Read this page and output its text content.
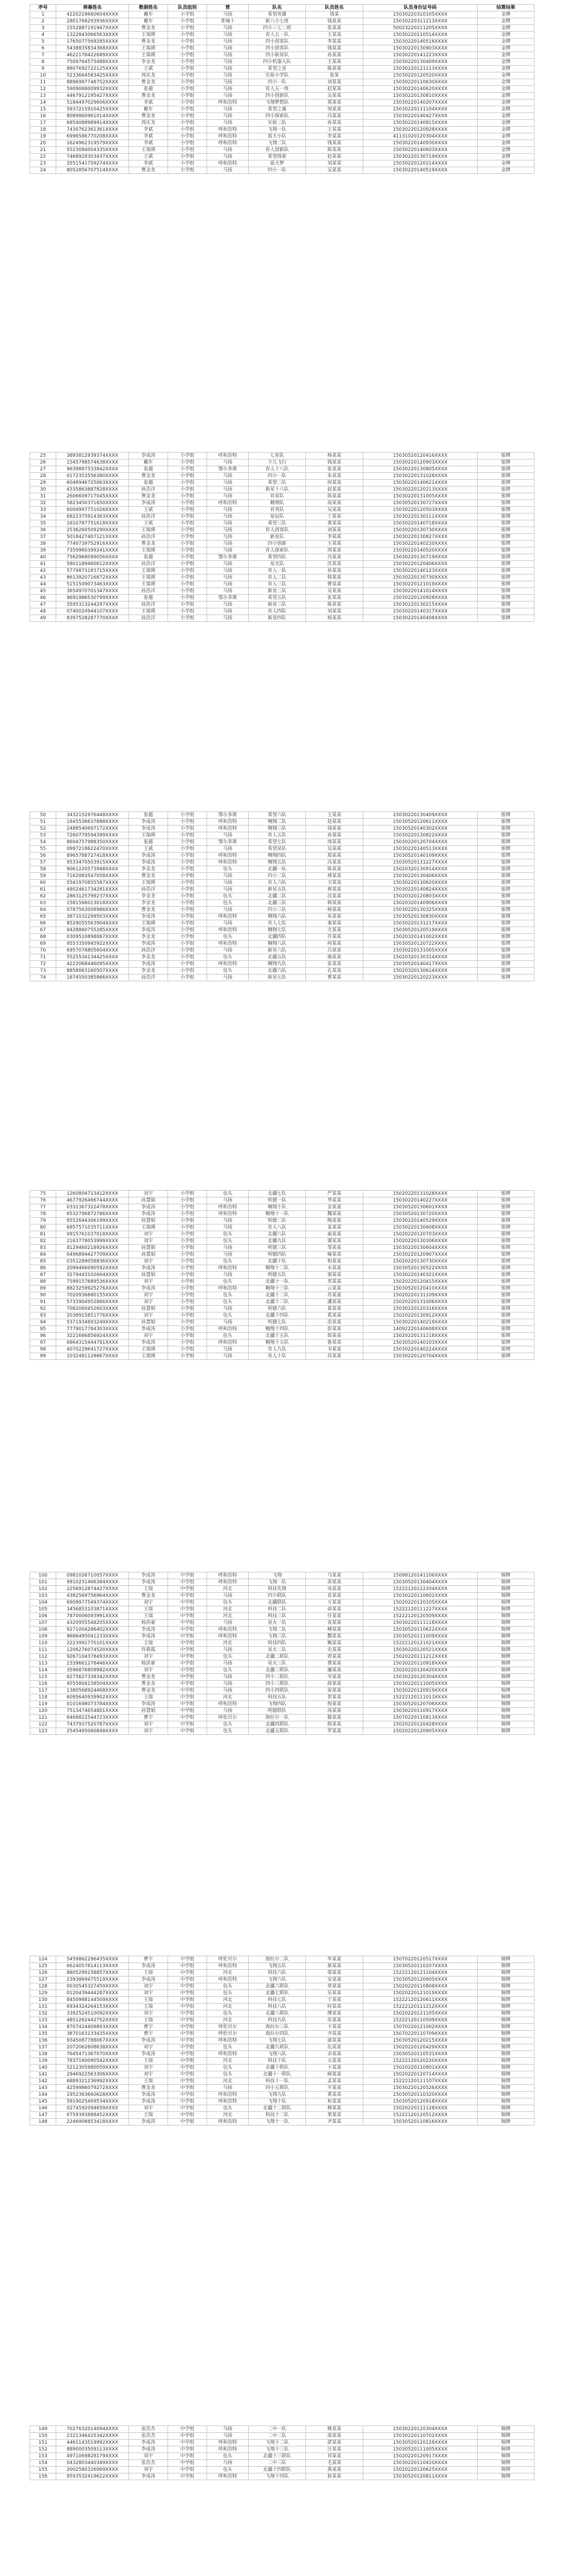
序号	弹幕姓名	数据姓名	队员组别	营	队名	队员姓名	队员身份证号码	结算结果
1	4220219660604XXXX	戴年	小学组	马扬	希望英雄	钱某	15030220310105XXXX	金牌
2	2801768293936XXXX	戴年	小学组	菁城十	新八小七班	钱某某	15030220311213XXXX	金牌
3	1552887191947XXXX	曹金龙	小学组	马扬	四小三七二班	张某某	50023220211205XXXX	金牌
4	1322843066563XXXX	王瑞瑛	小学组	马扬	育人五一队	王某某	15030220110514XXXX	金牌
5	1765077569285XXXX	曹金龙	小学组	马扬	四小创客队	李某某	15030220140516XXXX	金牌
6	5438835834368XXXX	王瑞瑛	小学组	马扬	四小创客队	钱某某	15030220130903XXXX	金牌
7	4622178422689XXXX	王瑞瑛	小学组	马扬	四小新星队	孙某某	15030220141223XXXX	金牌
8	7509764575488XXXX	李金龙	小学组	马扬	四小机器人队	王某某	15030220130409XXXX	金牌
9	8807692722125XXXX	王斌	小学组	马扬	希望之星	陈某某	15030220121113XXXX	金牌
10	5233664583425XXXX	周庆龙	小学组	马扬	实验小学队	张某	15030220120520XXXX	金牌
11	8896997748752XXXX	曹金龙	小学组	马扬	四小一队	刘某某	15030220110630XXXX	金牌
12	5909068009932XXXX	张越	小学组	马扬	育人五一班	赵某某	15030220140620XXXX	金牌
13	4467912195427XXXX	曹金龙	小学组	马扬	四小创新队	吴某某	15030220130810XXXX	金牌
14	5184497029606XXXX	李斌	小学组	呼和浩特	飞翔梦想队	郑某某	15030220140207XXXX	金牌
15	5937215910425XXXX	戴年	小学组	马扬	希望之翼	周某某	15030220111104XXXX	金牌
16	8089860961014XXXX	曹金龙	小学组	马扬	四小探索队	冯某某	15030220140427XXXX	金牌
17	6854088989914XXXX	周庆龙	小学组	马扬	实验二队	孙某某	15030220140815XXXX	金牌
18	7430762361361XXXX	李斌	小学组	呼和浩特	飞翔一队	王某某	15030220120928XXXX	金牌
19	6996586770208XXXX	李斌	小学组	呼和浩特	蓝天小队	李某某	41131020120304XXXX	金牌
20	1624962319579XXXX	李斌	小学组	呼和浩特	飞翔二队	钱某某	15030220140930XXXX	金牌
21	5523084004335XXXX	王瑞瑛	小学组	马扬	育人创新队	陈某某	15030220140603XXXX	金牌
22	7468929303437XXXX	王斌	小学组	马扬	希望探索	赵某某	15030220130719XXXX	金牌
23	3551541759274XXXX	李斌	小学组	呼和浩特	蓝天梦	刘某某	15030220120214XXXX	金牌
24	8052856707514XXXX	曹金龙	小学组	马扬	四小一队	吴某某	15030220140519XXXX	金牌
25	3893812939374XXXX	李成涛	小学组	呼和浩特	七星队	杨某某	15030520120416XXXX	银牌
26	1545798574638XXXX	戴年	小学组	马扬	少儿飞行	钱某某	15030220120903XXXX	银牌
27	9639887533842XXXX	张越	小学组	鄂尔多斯	育人十八队	张某某	15030220130805XXXX	银牌
28	0172353556380XXXX	曹金龙	小学组	马扬	四小一队	朱某某	15030220131028XXXX	银牌
29	6048946725063XXXX	张越	小学组	马扬	希望二队	何某某	15030220140621XXXX	银牌
30	4335863887828XXXX	孙浩洋	小学组	马扬	新星十八队	赵某某	15030220120213XXXX	银牌
31	2606609717045XXXX	曹金龙	小学组	马扬	育星队	陈某某	15030220131005XXXX	银牌
32	5823450371650XXXX	李成涛	小学组	呼和浩特	翱翔队	高某某	15030520130727XXXX	银牌
33	6004997751026XXXX	王斌	小学组	马扬	育英队	吴某某	15030220120503XXXX	银牌
34	6822375914363XXXX	孙浩洋	小学组	马扬	星辰队	丁某某	15030220130111XXXX	银牌
35	1610787751618XXXX	王斌	小学组	马扬	希望三队	黄某某	15030220140718XXXX	银牌
36	2536260509290XXXX	王瑞瑛	小学组	马扬	育人创客队	刘某某	15030220130730XXXX	银牌
37	5018427407121XXXX	孙浩洋	小学组	马扬	新星队	李某某	15030220130827XXXX	银牌
38	7740739752916XXXX	曹金龙	小学组	马扬	四小创新	王某某	15030220140220XXXX	银牌
39	7359960399241XXXX	王瑞瑛	小学组	马扬	育人探索队	周某某	15030220140520XXXX	银牌
40	7562968099056XXXX	张越	小学组	鄂尔多斯	希望四队	冯某某	15030220130719XXXX	银牌
41	5801189460612XXXX	孙浩洋	小学组	马扬	星光队	沈某某	15030220120406XXXX	银牌
42	5779873183715XXXX	王瑞瑛	小学组	马扬	育人一队	孙某某	15030220140123XXXX	银牌
43	8613920716872XXXX	王瑞瑛	小学组	马扬	育人二队	韩某某	15030220130730XXXX	银牌
44	5151509073463XXXX	王瑞瑛	小学组	马扬	育人三队	曹某某	15030220121019XXXX	银牌
45	3654970701347XXXX	孙浩洋	小学组	马扬	新星二队	吴某某	15030220141014XXXX	银牌
46	9691986530799XXXX	张越	小学组	鄂尔多斯	希望五队	张某某	15030220120928XXXX	银牌
47	3595313244297XXXX	孙浩洋	小学组	马扬	新星三队	陈某某	15030220130215XXXX	银牌
48	0740024944107XXXX	王瑞瑛	小学组	马扬	育人四队	刘某某	15030220140317XXXX	银牌
49	8397528287770XXXX	孙浩洋	小学组	马扬	新星四队	杨某某	15030220140408XXXX	银牌
50	3432152976448XXXX	张越	小学组	鄂尔多斯	希望六队	王某某	15030220130409XXXX	银牌
51	1845536637888XXXX	李成涛	小学组	呼和浩特	翱翔二队	赵某某	15030520120611XXXX	银牌
52	2488540697172XXXX	李成涛	小学组	呼和浩特	翱翔三队	钱某某	15030520140302XXXX	银牌
53	7260779594399XXXX	王瑞瑛	小学组	马扬	育人五队	孙某某	15030220130822XXXX	银牌
54	8604757988350XXXX	张越	小学组	鄂尔多斯	希望七队	周某某	15030220120704XXXX	银牌
55	0997218622470XXXX	王斌	小学组	马扬	希望星队	吴某某	15030220140513XXXX	银牌
56	8965788727418XXXX	李成涛	小学组	呼和浩特	翱翔四队	郑某某	15030520140109XXXX	银牌
57	9533470503915XXXX	李成涛	小学组	呼和浩特	翱翔五队	冯某某	15030520131227XXXX	银牌
58	9061220573948XXXX	李金龙	小学组	包头	北疆一队	陈某某	15020320130914XXXX	银牌
59	7162083547058XXXX	曹金龙	小学组	马扬	四小二队	褚某某	15030220130406XXXX	银牌
60	5541970855587XXXX	王瑞瑛	小学组	马扬	育人六队	卫某某	15030220130620XXXX	银牌
61	4902461734281XXXX	孙浩洋	小学组	马扬	新星五队	蒋某某	15030220140824XXXX	银牌
62	2863125799237XXXX	李金龙	小学组	包头	北疆二队	沈某某	15020320120803XXXX	银牌
63	1581566013018XXXX	李金龙	小学组	包头	北疆三队	韩某某	15020320140906XXXX	银牌
64	0787563008986XXXX	曹金龙	小学组	马扬	四小三队	杨某某	15030220130325XXXX	银牌
65	3871032299503XXXX	李成涛	小学组	呼和浩特	翱翔六队	朱某某	15030520130830XXXX	银牌
66	8529055563904XXXX	王瑞瑛	小学组	马扬	育人七队	秦某某	15030220131217XXXX	银牌
67	9428860755285XXXX	李成涛	小学组	呼和浩特	翱翔七队	尤某某	15030520120519XXXX	银牌
68	0309510898067XXXX	李金龙	小学组	包头	北疆四队	许某某	15020320141002XXXX	银牌
69	9553350945922XXXX	李成涛	小学组	呼和浩特	翱翔八队	何某某	15030520120722XXXX	银牌
70	6957078805604XXXX	孙浩洋	小学组	马扬	新星六队	吕某某	15030220131005XXXX	银牌
71	5525534134425XXXX	李金龙	小学组	包头	北疆五队	施某某	15020320130314XXXX	银牌
72	4222068446095XXXX	李成涛	小学组	呼和浩特	翱翔九队	张某某	15030520140417XXXX	银牌
73	8858063160507XXXX	李金龙	小学组	包头	北疆六队	孔某某	15020320130614XXXX	银牌
74	1874550385866XXXX	孙浩洋	小学组	马扬	新星七队	曹某某	15030220120223XXXX	银牌
75	1260804713412XXXX	刘宇	小学组	包头	北疆七队	严某某	15020220131028XXXX	银牌
76	4677926466744XXXX	孙慧娟	小学组	马扬	明德一队	华某某	15030220140227XXXX	银牌
77	0331367322478XXXX	李成涛	小学组	呼和浩特	翱翔十队	金某某	15030520130601XXXX	银牌
78	6532796872786XXXX	李成涛	小学组	呼和浩特	翱翔十一队	魏某某	15030520130720XXXX	银牌
79	8552644306199XXXX	孙慧娟	小学组	马扬	明德二队	陶某某	15030220140529XXXX	银牌
80	6857571035711XXXX	王瑞瑛	小学组	马扬	育人八队	姜某某	15030220130608XXXX	银牌
81	0915761037018XXXX	刘宇	小学组	包头	北疆八队	戚某某	15020220120703XXXX	银牌
82	2163778053999XXXX	刘宇	小学组	包头	北疆九队	谢某某	15020220130306XXXX	银牌
83	8129460218926XXXX	孙慧娟	小学组	马扬	明德三队	邹某某	15030220130604XXXX	银牌
84	0496894427709XXXX	孙慧娟	小学组	马扬	明德四队	喻某某	15030220120907XXXX	银牌
85	0351289058836XXXX	刘宇	小学组	包头	北疆十队	柏某某	15020220130730XXXX	银牌
86	2099466090592XXXX	李成涛	小学组	呼和浩特	翱翔十二队	水某某	15030520130522XXXX	银牌
87	3279443102664XXXX	孙慧娟	小学组	马扬	明德五队	窦某某	15030220140321XXXX	银牌
88	7599157689536XXXX	刘宇	小学组	包头	北疆十一队	章某某	15020220120415XXXX	银牌
89	8823259925276XXXX	李成涛	小学组	呼和浩特	翱翔十三队	云某某	15030520120410XXXX	银牌
90	7020936880155XXXX	刘宇	小学组	包头	北疆十二队	苏某某	15020220131109XXXX	银牌
91	5733904952866XXXX	刘宇	小学组	包头	北疆十三队	潘某某	15020220131006XXXX	银牌
92	7082060452603XXXX	孙慧娟	小学组	马扬	明德六队	葛某某	15030220120316XXXX	银牌
93	2038915851776XXXX	刘宇	小学组	包头	北疆十四队	奚某某	15020220130912XXXX	银牌
94	5371934693249XXXX	孙慧娟	小学组	马扬	明德七队	范某某	15030220140219XXXX	银牌
95	7779017784303XXXX	李成涛	小学组	呼和浩特	翱翔十四队	彭某某	14092220140608XXXX	银牌
96	3221666856924XXXX	刘宇	小学组	包头	北疆十五队	郎某某	15020220131118XXXX	银牌
97	6864315444791XXXX	李成涛	小学组	呼和浩特	翱翔十五队	鲁某某	15030520140103XXXX	银牌
98	4070229641727XXXX	王瑞瑛	小学组	马扬	育人九队	韦某某	15030220140224XXXX	银牌
99	1032481128867XXXX	王瑞瑛	小学组	马扬	育人十队	昌某某	15030220120704XXXX	银牌
100	0981026710057XXXX	李成涛	中学组	呼和浩特	飞翔	马某某	15098120141106XXXX	铜牌
101	9910231466384XXXX	李成涛	中学组	呼和浩特	飞翔一队	苗某某	15030520130404XXXX	铜牌
102	2256912874427XXXX	王瑞	中学组	河北	科技先锋	凤某某	15222120122204XXXX	铜牌
103	4382569756964XXXX	曹金龙	中学组	马扬	四小联队	花某某	15030220110602XXXX	铜牌
104	6909977549374XXXX	刘宇	中学组	包头	北疆联队	方某某	15020220120105XXXX	铜牌
105	3456853103871XXXX	王瑞	中学组	河北	科技二队	俞某某	15222120111227XXXX	铜牌
106	7870006093991XXXX	王瑞	中学组	河北	科技三队	任某某	15222120120509XXXX	铜牌
107	4320955548205XXXX	杨洪豪	中学组	马扬	星火一队	袁某某	15030220111118XXXX	铜牌
108	9271004286402XXXX	李成涛	中学组	呼和浩特	飞翔二队	柳某某	15030520110622XXXX	铜牌
109	9686495041233XXXX	李成涛	中学组	呼和浩特	飞翔三队	酆某某	15030520111009XXXX	铜牌
110	2223991770101XXXX	王瑞	中学组	河北	科技四队	鲍某某	15222120121021XXXX	铜牌
111	1206276074520XXXX	肖莉霞	中学组	马扬	星火二队	史某某	15030220120521XXXX	铜牌
112	9267104378493XXXX	刘宇	中学组	包头	北疆二联队	唐某某	15020220111212XXXX	铜牌
113	2339661278446XXXX	杨洪豪	中学组	马扬	星火三队	费某某	15030220110918XXXX	铜牌
114	3596876809982XXXX	刘宇	中学组	包头	北疆三联队	廉某某	15020220120420XXXX	铜牌
115	6275627338342XXXX	曹金龙	中学组	马扬	四小二联队	岑某某	15030220120304XXXX	铜牌
116	4555804158504XXXX	曹金龙	中学组	马扬	四小三联队	薛某某	15030220111005XXXX	铜牌
117	1380568924468XXXX	曹金龙	中学组	马扬	四小四联队	雷某某	15030220120919XXXX	铜牌
118	6095640939902XXXX	王瑞	中学组	河北	科技五队	贺某某	15222120111013XXXX	铜牌
119	0101698073784XXXX	李成涛	中学组	呼和浩特	飞翔四队	倪某某	15030520120706XXXX	铜牌
120	7513474654801XXXX	孙慧娟	中学组	马扬	明德联队	汤某某	15030220110917XXXX	铜牌
121	6468822544723XXXX	曹宇	中学组	呼伦贝尔	海拉尔一队	滕某某	15070220110813XXXX	铜牌
122	7437937520787XXXX	刘宇	中学组	包头	北疆四联队	殷某某	15020220120428XXXX	铜牌
123	2545495060848XXXX	刘宇	中学组	包头	北疆五联队	罗某某	15020220120905XXXX	铜牌
124	5459862296435XXXX	曹宇	中学组	呼伦贝尔	海拉尔二队	毕某某	15070220120517XXXX	铜牌
125	6624057814113XXXX	李成涛	中学组	呼和浩特	飞翔五队	郝某某	15030520110207XXXX	铜牌
126	8805299158857XXXX	王瑞	中学组	河北	科技六队	邬某某	15222120121104XXXX	铜牌
127	2393869475519XXXX	李成涛	中学组	呼和浩特	飞翔六队	安某某	15030520120605XXXX	铜牌
128	0030545327459XXXX	刘宇	中学组	包头	北疆六联队	常某某	15020220110808XXXX	铜牌
129	0120439444287XXXX	刘宇	中学组	包头	北疆七联队	乐某某	15020220121019XXXX	铜牌
130	8450988144509XXXX	王瑞	中学组	河北	科技七队	于某某	15222120120611XXXX	铜牌
131	6934324264153XXXX	王瑞	中学组	河北	科技八队	时某某	15222120111212XXXX	铜牌
132	3392524510092XXXX	刘宇	中学组	包头	北疆八联队	傅某某	15020220121105XXXX	铜牌
133	4851262442752XXXX	王瑞	中学组	河北	科技九队	皮某某	15222120110509XXXX	铜牌
134	8707424409893XXXX	曹宇	中学组	呼伦贝尔	海拉尔三队	卞某某	15070220121002XXXX	铜牌
135	3870163133435XXXX	曹宇	中学组	呼伦贝尔	海拉尔四队	齐某某	15070220110709XXXX	铜牌
136	9345087788067XXXX	李成涛	中学组	呼和浩特	飞翔七队	康某某	15030520120215XXXX	铜牌
137	2072062608638XXXX	刘宇	中学组	包头	北疆九联队	伍某某	15020220120429XXXX	铜牌
138	7645471367070XXXX	李成涛	中学组	呼和浩特	飞翔八队	余某某	15030520110531XXXX	铜牌
139	7837160090542XXXX	王瑞	中学组	河北	科技十队	元某某	15222120120220XXXX	铜牌
140	5212305980059XXXX	刘宇	中学组	包头	北疆十联队	卜某某	15020220110801XXXX	铜牌
141	2946922563306XXXX	刘宇	中学组	包头	北疆十一联队	顾某某	15020220120714XXXX	铜牌
142	6889321236992XXXX	王瑞	中学组	河北	科技十一队	孟某某	15222120111107XXXX	铜牌
143	4259986079272XXXX	曹金龙	中学组	马扬	四小五联队	平某某	15030220120526XXXX	铜牌
144	1952363660628XXXX	李成涛	中学组	呼和浩特	飞翔九队	黄某某	15030520110320XXXX	铜牌
145	5919025469534XXXX	李成涛	中学组	呼和浩特	飞翔十队	和某某	15030520120918XXXX	铜牌
146	0274592094659XXXX	刘宇	中学组	包头	北疆十二联队	穆某某	15020220111128XXXX	铜牌
147	0759393888452XXXX	王瑞	中学组	河北	科技十二队	萧某某	15222120120512XXXX	铜牌
148	2246908853418XXXX	李成涛	中学组	呼和浩特	飞翔十一队	尹某某	15030520110816XXXX	铜牌
149	7027632014094XXXX	张浩杰	中学组	马扬	二中一队	姚某某	15030220120304XXXX	铜牌
150	2321346425342XXXX	张浩杰	中学组	马扬	二中二队	邵某某	15030220110702XXXX	铜牌
151	4461143519992XXXX	李成涛	中学组	呼和浩特	飞翔十二队	湛某某	15030520120128XXXX	铜牌
152	8890003509113XXXX	李成涛	中学组	呼和浩特	飞翔十三队	汪某某	15030520111005XXXX	铜牌
153	4971069828179XXXX	刘宇	中学组	包头	北疆十三联队	祁某某	15020220120917XXXX	铜牌
154	0432803440349XXXX	张浩杰	中学组	马扬	二中三队	毛某某	15030220110410XXXX	铜牌
155	2002580326069XXXX	刘宇	中学组	包头	北疆十四联队	禹某某	15020220120625XXXX	铜牌
156	9593532419622XXXX	李成涛	中学组	呼和浩特	飞翔十四队	狄某某	15030520120811XXXX	铜牌
